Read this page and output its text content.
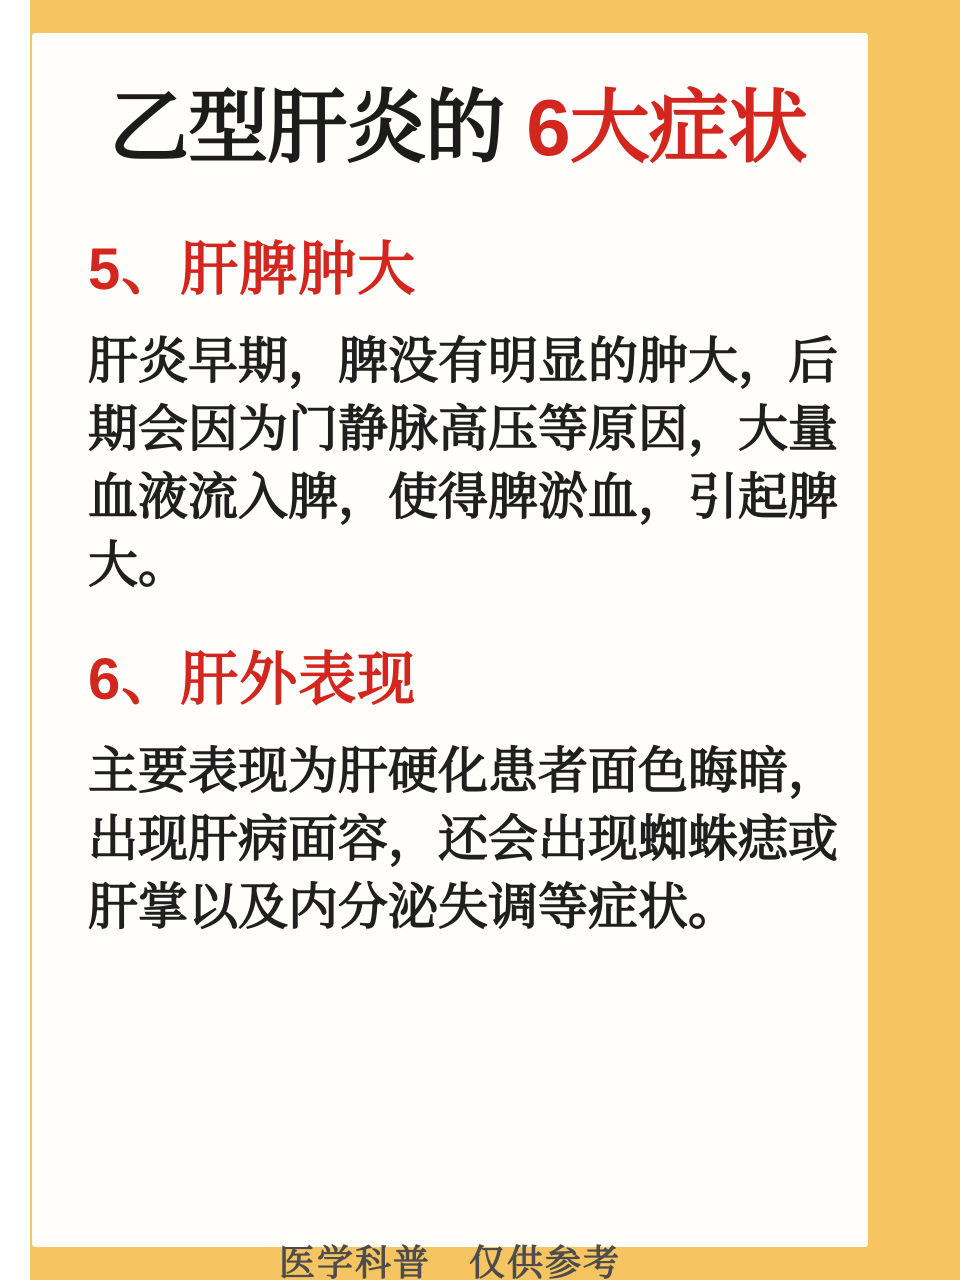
乙型肝炎的 6大症状
5、肝脾肿大
肝炎早期，脾没有明显的肿大，后
期会因为门静脉高压等原因，大量
血液流入脾，使得脾淤血，引起脾
大。
6、肝外表现
主要表现为肝硬化患者面色晦暗，
出现肝病面容，还会出现蜘蛛痣或
肝掌以及内分泌失调等症状。
医学科普　仅供参考
